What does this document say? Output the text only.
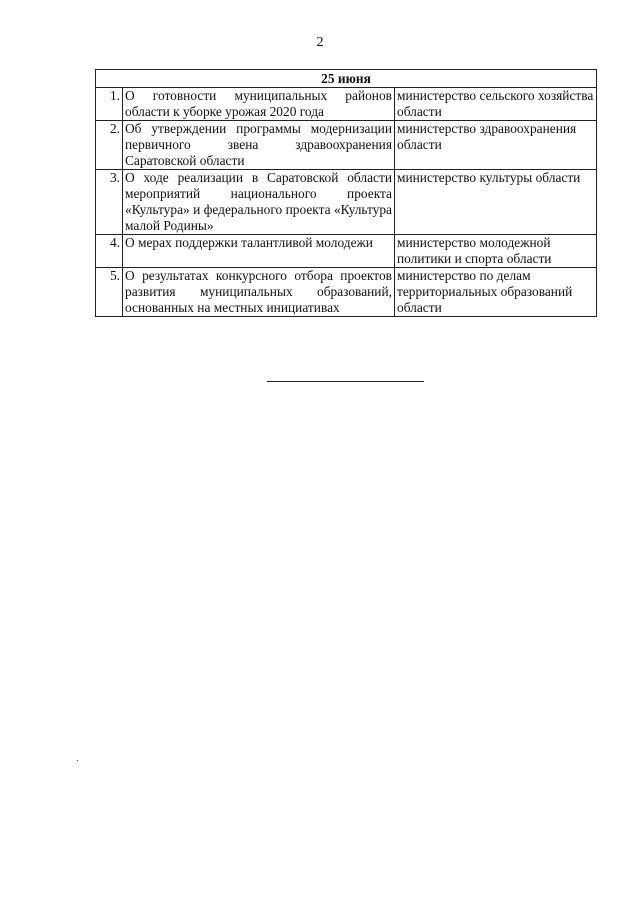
2
25 июня		
1.	О готовности муниципальных районов области к уборке урожая 2020 года	министерство сельского хозяйства области
2.	Об утверждении программы модернизации первичного звена здравоохранения Саратовской области	министерство здравоохранения области
3.	О ходе реализации в Саратовской области мероприятий национального проекта «Культура» и федерального проекта «Культура малой Родины»	министерство культуры области
4.	О мерах поддержки талантливой молодежи	министерство молодежной политики и спорта области
5.	О результатах конкурсного отбора проектов развития муниципальных образований, основанных на местных инициативах	министерство по делам территориальных образований области
